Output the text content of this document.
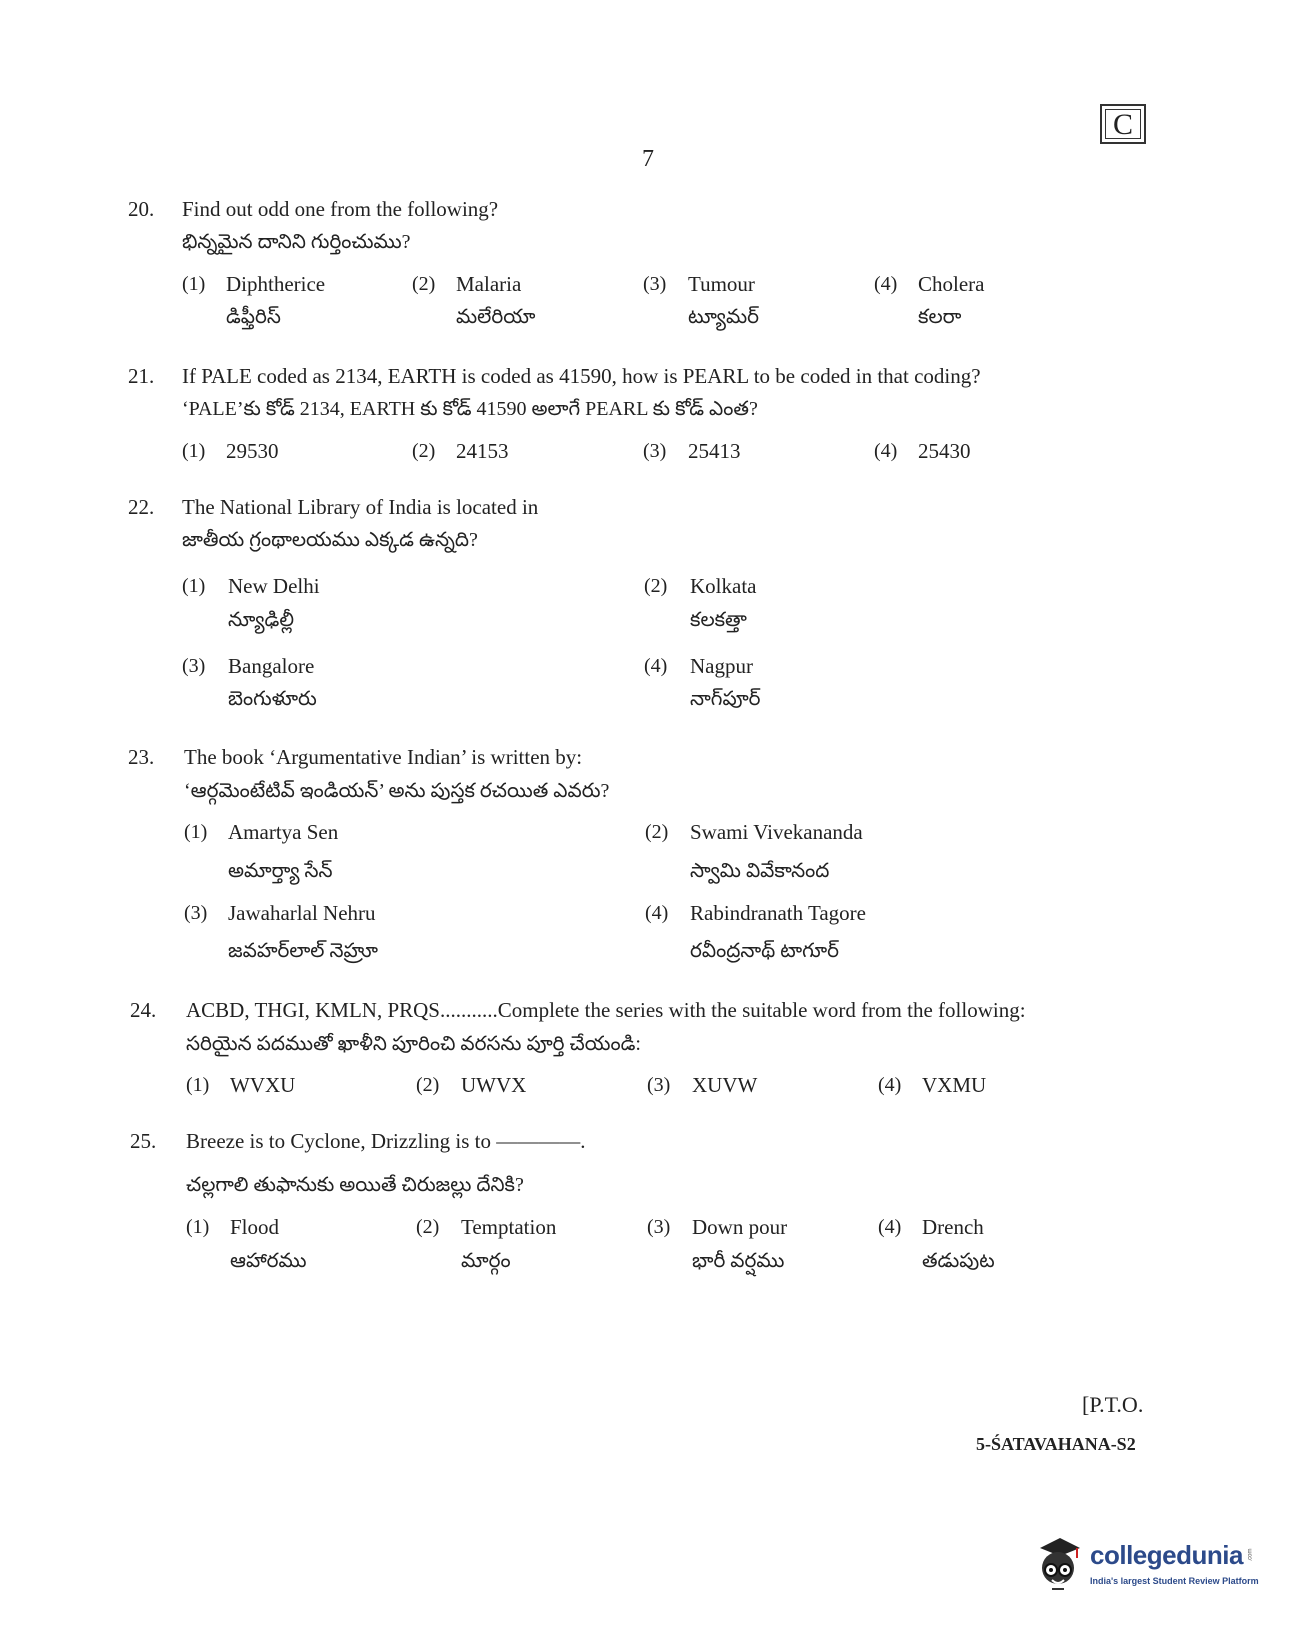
C
7
20. Find out odd one from the following?
భిన్నమైన దానిని గుర్తించుము?
(1) Diphtherice
డిఫ్తీరిస్
(2) Malaria
మలేరియా
(3) Tumour
ట్యూమర్
(4) Cholera
కలరా
21. If PALE coded as 2134, EARTH is coded as 41590, how is PEARL to be coded in that coding?
‘PALE’కు కోడ్ 2134, EARTH కు కోడ్ 41590 అలాగే PEARL కు కోడ్ ఎంత?
(1) 29530	(2) 24153	(3) 25413	(4) 25430
22. The National Library of India is located in
జాతీయ గ్రంథాలయము ఎక్కడ ఉన్నది?
(1) New Delhi
న్యూఢిల్లీ
(2) Kolkata
కలకత్తా
(3) Bangalore
బెంగుళూరు
(4) Nagpur
నాగ్‌పూర్
23. The book ‘Argumentative Indian’ is written by:
‘ఆర్గమెంటేటివ్ ఇండియన్’ అను పుస్తక రచయిత ఎవరు?
(1) Amartya Sen
అమార్త్యా సేన్
(2) Swami Vivekananda
స్వామి వివేకానంద
(3) Jawaharlal Nehru
జవహర్‌లాల్ నెహ్రూ
(4) Rabindranath Tagore
రవీంద్రనాథ్ టాగూర్
24. ACBD, THGI, KMLN, PRQS...........Complete the series with the suitable word from the following:
సరియైన పదముతో ఖాళీని పూరించి వరసను పూర్తి చేయండి:
(1) WVXU	(2) UWVX	(3) XUVW	(4) VXMU
25. Breeze is to Cyclone, Drizzling is to ————.
చల్లగాలి తుఫానుకు అయితే చిరుజల్లు దేనికి?
(1) Flood
ఆహారము
(2) Temptation
మార్గం
(3) Down pour
భారీ వర్షము
(4) Drench
తడుపుట
[P.T.O.
5-ŚATAVAHANA-S2
collegedunia
India's largest Student Review Platform
.com
